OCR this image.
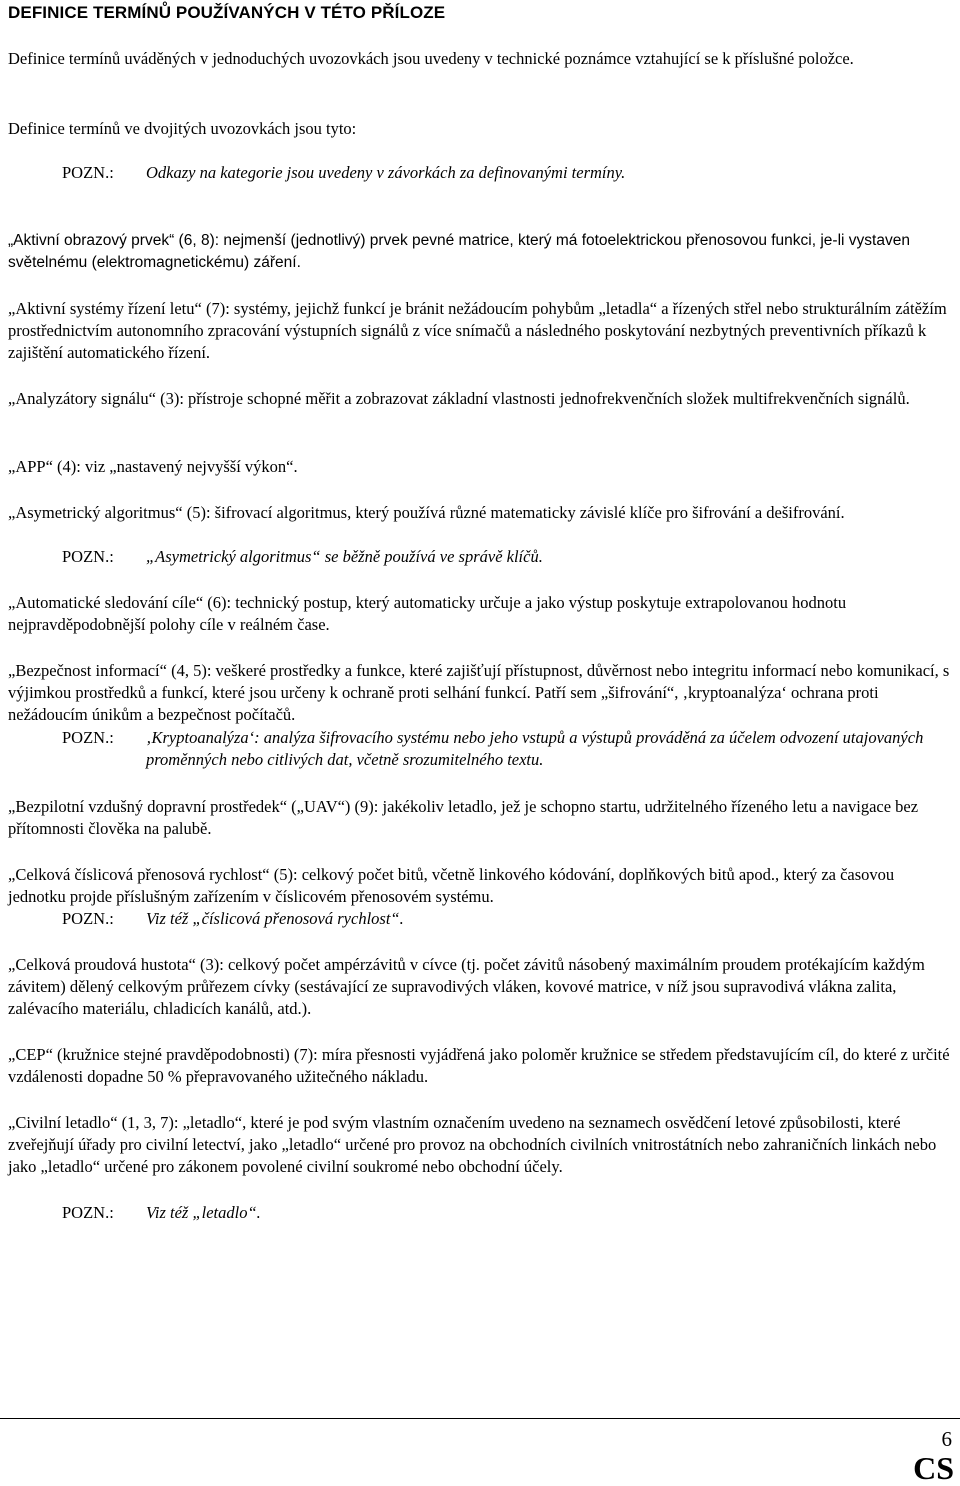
DEFINICE TERMÍNŮ POUŽÍVANÝCH V TÉTO PŘÍLOZE
Definice termínů uváděných v jednoduchých uvozovkách jsou uvedeny v technické poznámce vztahující se k příslušné položce.
Definice termínů ve dvojitých uvozovkách jsou tyto:
POZN.: Odkazy na kategorie jsou uvedeny v závorkách za definovanými termíny.
„Aktivní obrazový prvek“ (6, 8): nejmenší (jednotlivý) prvek pevné matrice, který má fotoelektrickou přenosovou funkci, je-li vystaven světelnému (elektromagnetickému) záření.
„Aktivní systémy řízení letu“ (7): systémy, jejichž funkcí je bránit nežádoucím pohybům „letadla“ a řízených střel nebo strukturálním zátěžím prostřednictvím autonomního zpracování výstupních signálů z více snímačů a následného poskytování nezbytných preventivních příkazů k zajištění automatického řízení.
„Analyzátory signálu“ (3): přístroje schopné měřit a zobrazovat základní vlastnosti jednofrekvenčních složek multifrekvenčních signálů.
„APP“ (4): viz „nastavený nejvyšší výkon“.
„Asymetrický algoritmus“ (5): šifrovací algoritmus, který používá různé matematicky závislé klíče pro šifrování a dešifrování.
POZN.: „Asymetrický algoritmus“ se běžně používá ve správě klíčů.
„Automatické sledování cíle“ (6): technický postup, který automaticky určuje a jako výstup poskytuje extrapolovanou hodnotu nejpravděpodobnější polohy cíle v reálném čase.
„Bezpečnost informací“ (4, 5): veškeré prostředky a funkce, které zajišťují přístupnost, důvěrnost nebo integritu informací nebo komunikací, s výjimkou prostředků a funkcí, které jsou určeny k ochraně proti selhání funkcí. Patří sem „šifrování“, ‚kryptoanalýza‘ ochrana proti nežádoucím únikům a bezpečnost počítačů.
POZN.: ‚Kryptoanalýza‘: analýza šifrovacího systému nebo jeho vstupů a výstupů prováděná za účelem odvození utajovaných proměnných nebo citlivých dat, včetně srozumitelného textu.
„Bezpilotní vzdušný dopravní prostředek“ („UAV“) (9): jakékoliv letadlo, jež je schopno startu, udržitelného řízeného letu a navigace bez přítomnosti člověka na palubě.
„Celková číslicová přenosová rychlost“ (5): celkový počet bitů, včetně linkového kódování, doplňkových bitů apod., který za časovou jednotku projde příslušným zařízením v číslicovém přenosovém systému.
POZN.: Viz též „číslicová přenosová rychlost“.
„Celková proudová hustota“ (3): celkový počet ampérzávitů v cívce (tj. počet závitů násobený maximálním proudem protékajícím každým závitem) dělený celkovým průřezem cívky (sestávající ze supravodivých vláken, kovové matrice, v níž jsou supravodivá vlákna zalita, zalévacího materiálu, chladicích kanálů, atd.).
„CEP“ (kružnice stejné pravděpodobnosti) (7): míra přesnosti vyjádřená jako poloměr kružnice se středem představujícím cíl, do které z určité vzdálenosti dopadne 50 % přepravovaného užitečného nákladu.
„Civilní letadlo“ (1, 3, 7): „letadlo“, které je pod svým vlastním označením uvedeno na seznamech osvědčení letové způsobilosti, které zveřejňují úřady pro civilní letectví, jako „letadlo“ určené pro provoz na obchodních civilních vnitrostátních nebo zahraničních linkách nebo jako „letadlo“ určené pro zákonem povolené civilní soukromé nebo obchodní účely.
POZN.: Viz též „letadlo“.
6
CS
